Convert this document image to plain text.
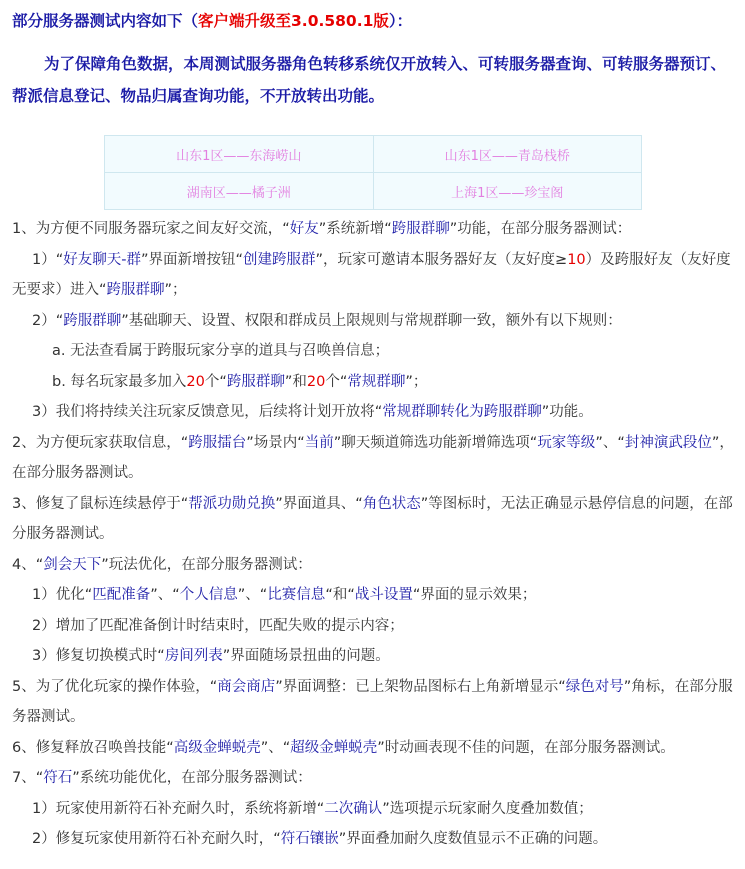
部分服务器测试内容如下（客户端升级至3.0.580.1版）：

为了保障角色数据，本周测试服务器角色转移系统仅开放转入、可转服务器查询、可转服务器预订、帮派信息登记、物品归属查询功能，不开放转出功能。

山东1区——东海崂山	山东1区——青岛栈桥
湖南区——橘子洲	上海1区——珍宝阁

1、为方便不同服务器玩家之间友好交流，“好友”系统新增“跨服群聊”功能，在部分服务器测试：

1）“好友聊天-群”界面新增按钮“创建跨服群”，玩家可邀请本服务器好友（友好度≥10）及跨服好友（友好度无要求）进入“跨服群聊”；

2）“跨服群聊”基础聊天、设置、权限和群成员上限规则与常规群聊一致，额外有以下规则：

a. 无法查看属于跨服玩家分享的道具与召唤兽信息；

b. 每名玩家最多加入20个“跨服群聊”和20个“常规群聊”；

3）我们将持续关注玩家反馈意见，后续将计划开放将“常规群聊转化为跨服群聊”功能。

2、为方便玩家获取信息，“跨服擂台”场景内“当前”聊天频道筛选功能新增筛选项“玩家等级”、“封神演武段位”，在部分服务器测试。

3、修复了鼠标连续悬停于“帮派功勋兑换”界面道具、“角色状态”等图标时，无法正确显示悬停信息的问题，在部分服务器测试。

4、“剑会天下”玩法优化，在部分服务器测试：

1）优化“匹配准备”、“个人信息”、“比赛信息“和“战斗设置“界面的显示效果；

2）增加了匹配准备倒计时结束时，匹配失败的提示内容；

3）修复切换模式时“房间列表”界面随场景扭曲的问题。

5、为了优化玩家的操作体验，“商会商店”界面调整：已上架物品图标右上角新增显示“绿色对号”角标，在部分服务器测试。

6、修复释放召唤兽技能“高级金蝉蜕壳”、“超级金蝉蜕壳”时动画表现不佳的问题，在部分服务器测试。

7、“符石”系统功能优化，在部分服务器测试：

1）玩家使用新符石补充耐久时，系统将新增“二次确认”选项提示玩家耐久度叠加数值；

2）修复玩家使用新符石补充耐久时，“符石镶嵌”界面叠加耐久度数值显示不正确的问题。
